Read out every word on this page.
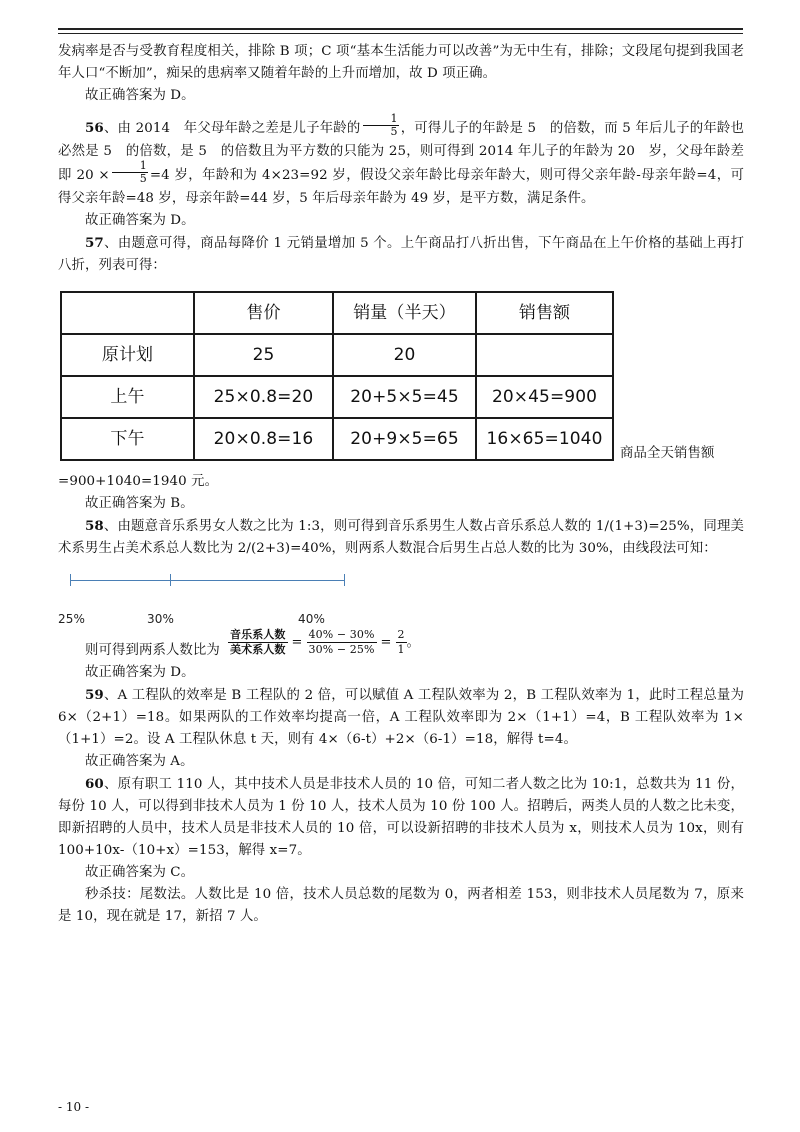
发病率是否与受教育程度相关，排除 B 项；C 项“基本生活能力可以改善”为无中生有，排除；文段尾句提到我国老年人口“不断加”，痴呆的患病率又随着年龄的上升而增加，故 D 项正确。

故正确答案为 D。

56、由 2014　年父母年龄之差是儿子年龄的 $\frac{1}{5}$ ，可得儿子的年龄是 5　的倍数，而 5 年后儿子的年龄也必然是 5　的倍数，是 5　的倍数且为平方数的只能为 25，则可得到 2014 年儿子的年龄为 20　岁，父母年龄差即 $20 \times \frac{1}{5} =4$ 岁，年龄和为 4×23=92 岁，假设父亲年龄比母亲年龄大，则可得父亲年龄-母亲年龄=4，可得父亲年龄=48 岁，母亲年龄=44 岁，5 年后母亲年龄为 49 岁，是平方数，满足条件。

故正确答案为 D。

57、由题意可得，商品每降价 1 元销量增加 5 个。上午商品打八折出售，下午商品在上午价格的基础上再打八折，列表可得：

	售价	销量（半天）	销售额
原计划	25	20	
上午	25×0.8=20	20+5×5=45	20×45=900
下午	20×0.8=16	20+9×5=65	16×65=1040
商品全天销售额

=900+1040=1940 元。

故正确答案为 B。

58、由题意音乐系男女人数之比为 1:3，则可得到音乐系男生人数占音乐系总人数的 1/(1+3)=25%，同理美术系男生占美术系总人数比为 2/(2+3)=40%，则两系人数混合后男生占总人数的比为 30%，由线段法可知：

25%	30%	40%
则可得到两系人数比为
音乐系人数
美术系人数 = $\frac{40\% - 30\%}{30\% - 25\%} = \frac{2}{1}$ 。

故正确答案为 D。

59、A 工程队的效率是 B 工程队的 2 倍，可以赋值 A 工程队效率为 2，B 工程队效率为 1，此时工程总量为 6×（2+1）=18。如果两队的工作效率均提高一倍，A 工程队效率即为 2×（1+1）=4，B 工程队效率为 1×（1+1）=2。设 A 工程队休息 t 天，则有 4×（6-t）+2×（6-1）=18，解得 t=4。

故正确答案为 A。

60、原有职工 110 人，其中技术人员是非技术人员的 10 倍，可知二者人数之比为 10:1，总数共为 11 份，每份 10 人，可以得到非技术人员为 1 份 10 人，技术人员为 10 份 100 人。招聘后，两类人员的人数之比未变，即新招聘的人员中，技术人员是非技术人员的 10 倍，可以设新招聘的非技术人员为 x，则技术人员为 10x，则有 100+10x-（10+x）=153，解得 x=7。

故正确答案为 C。

秒杀技：尾数法。人数比是 10 倍，技术人员总数的尾数为 0，两者相差 153，则非技术人员尾数为 7，原来是 10，现在就是 17，新招 7 人。

- 10 -
